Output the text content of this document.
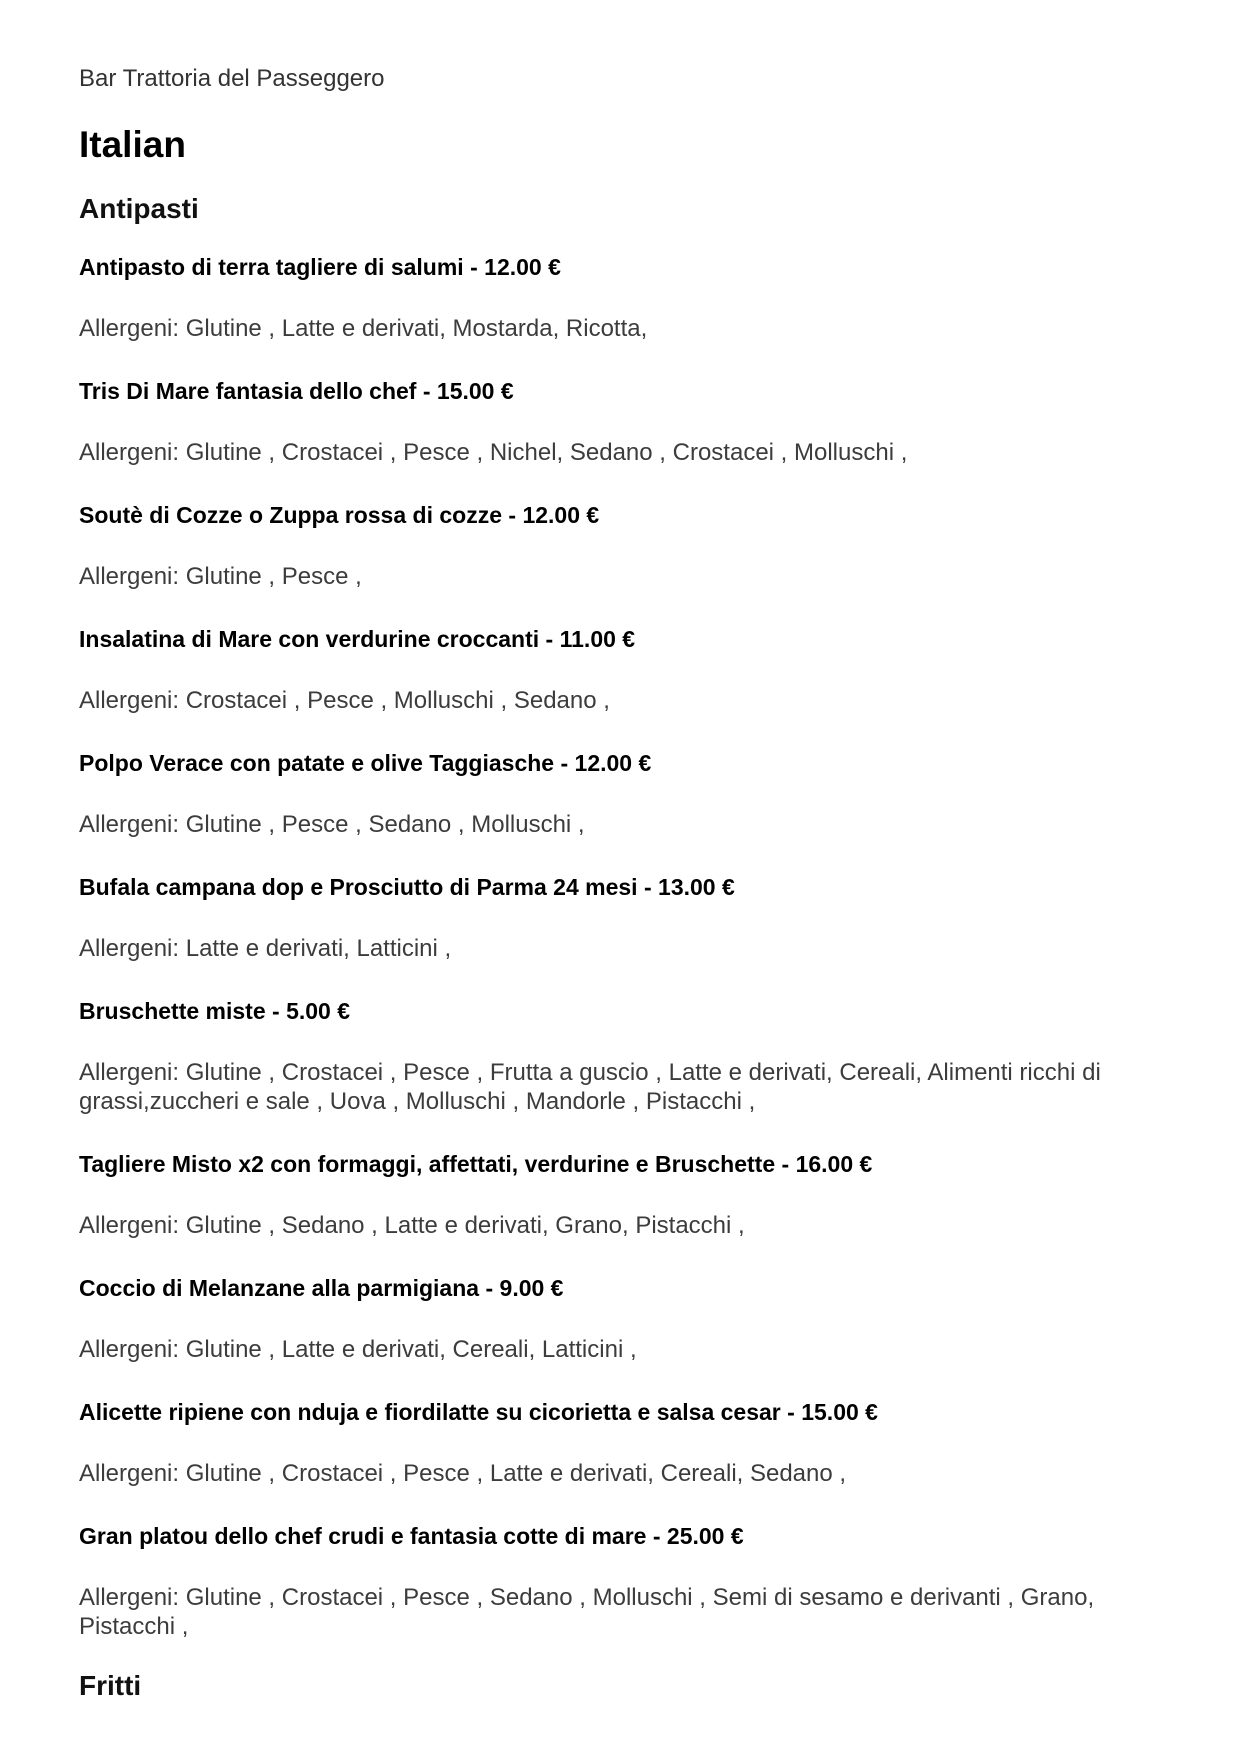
Bar Trattoria del Passeggero

Italian
Antipasti

Antipasto di terra tagliere di salumi - 12.00 €

Allergeni: Glutine , Latte e derivati, Mostarda, Ricotta,

Tris Di Mare fantasia dello chef - 15.00 €

Allergeni: Glutine , Crostacei , Pesce , Nichel, Sedano , Crostacei , Molluschi ,

Soutè di Cozze o Zuppa rossa di cozze - 12.00 €

Allergeni: Glutine , Pesce ,

Insalatina di Mare con verdurine croccanti - 11.00 €

Allergeni: Crostacei , Pesce , Molluschi , Sedano ,

Polpo Verace con patate e olive Taggiasche - 12.00 €

Allergeni: Glutine , Pesce , Sedano , Molluschi ,

Bufala campana dop e Prosciutto di Parma 24 mesi - 13.00 €

Allergeni: Latte e derivati, Latticini ,

Bruschette miste - 5.00 €

Allergeni: Glutine , Crostacei , Pesce , Frutta a guscio , Latte e derivati, Cereali, Alimenti ricchi di grassi,zuccheri e sale , Uova , Molluschi , Mandorle , Pistacchi ,

Tagliere Misto x2 con formaggi, affettati, verdurine e Bruschette - 16.00 €

Allergeni: Glutine , Sedano , Latte e derivati, Grano, Pistacchi ,

Coccio di Melanzane alla parmigiana - 9.00 €

Allergeni: Glutine , Latte e derivati, Cereali, Latticini ,

Alicette ripiene con nduja e fiordilatte su cicorietta e salsa cesar - 15.00 €

Allergeni: Glutine , Crostacei , Pesce , Latte e derivati, Cereali, Sedano ,

Gran platou dello chef crudi e fantasia cotte di mare - 25.00 €

Allergeni: Glutine , Crostacei , Pesce , Sedano , Molluschi , Semi di sesamo e derivanti , Grano, Pistacchi ,

Fritti
